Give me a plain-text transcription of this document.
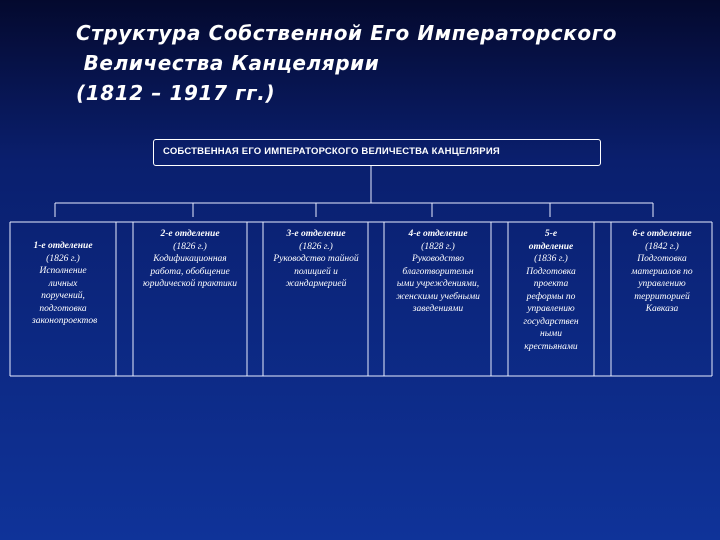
Структура Собственной Его Императорского
Величества Канцелярии
(1812 – 1917 гг.)
СОБСТВЕННАЯ ЕГО ИМПЕРАТОРСКОГО ВЕЛИЧЕСТВА КАНЦЕЛЯРИЯ
1-е отделение
(1826 г.)
Исполнение личных поручений, подготовка законопроектов
2-е отделение
(1826 г.)
Кодификационная работа, обобщение юридической практики
3-е отделение
(1826 г.)
Руководство тайной полицией и жандармерией
4-е отделение
(1828 г.)
Руководство благотворительн ыми учреждениями, женскими учебными заведениями
5-е отделение
(1836 г.)
Подготовка проекта реформы по управлению государствен ными крестьянами
6-е отделение
(1842 г.)
Подготовка материалов по управлению территорией Кавказа
